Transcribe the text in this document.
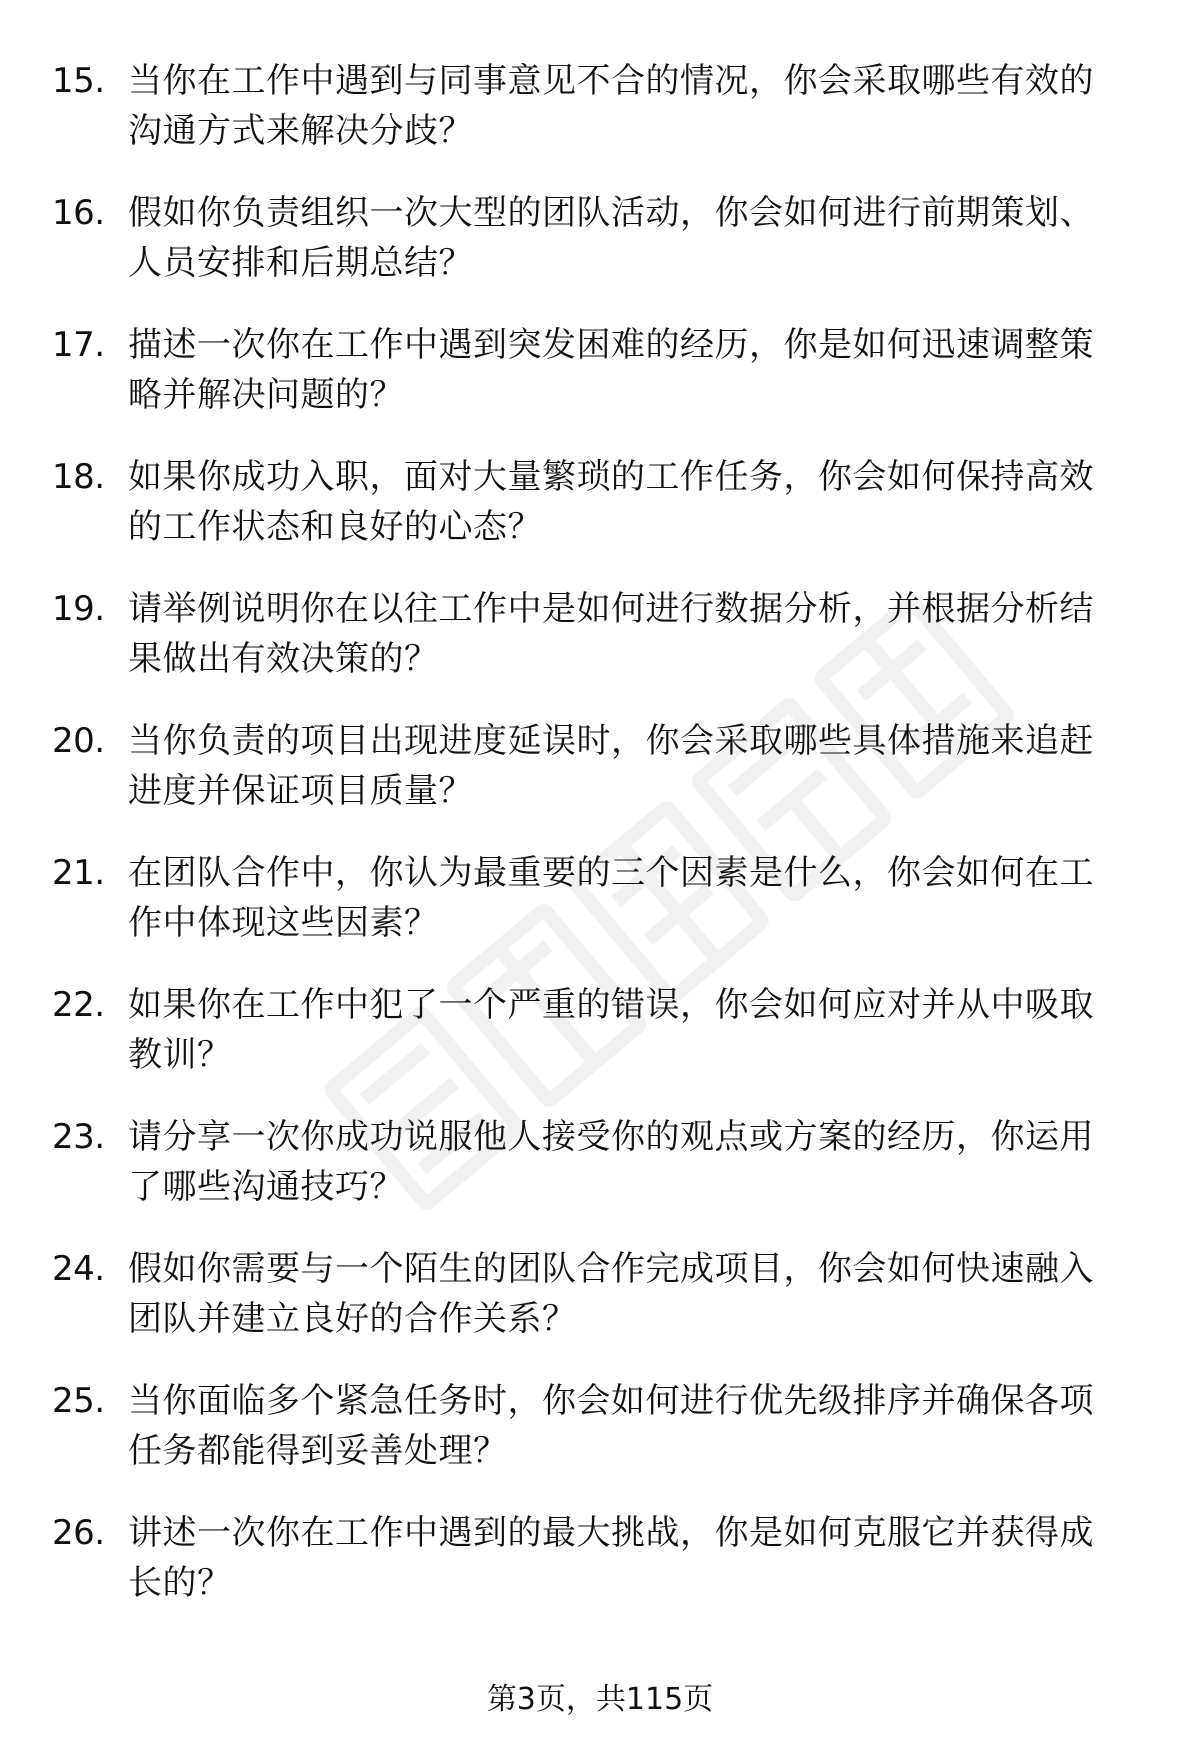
15. 当你在工作中遇到与同事意见不合的情况，你会采取哪些有效的沟通方式来解决分歧？
16. 假如你负责组织一次大型的团队活动，你会如何进行前期策划、人员安排和后期总结？
17. 描述一次你在工作中遇到突发困难的经历，你是如何迅速调整策略并解决问题的？
18. 如果你成功入职，面对大量繁琐的工作任务，你会如何保持高效的工作状态和良好的心态？
19. 请举例说明你在以往工作中是如何进行数据分析，并根据分析结果做出有效决策的？
20. 当你负责的项目出现进度延误时，你会采取哪些具体措施来追赶进度并保证项目质量？
21. 在团队合作中，你认为最重要的三个因素是什么，你会如何在工作中体现这些因素？
22. 如果你在工作中犯了一个严重的错误，你会如何应对并从中吸取教训？
23. 请分享一次你成功说服他人接受你的观点或方案的经历，你运用了哪些沟通技巧？
24. 假如你需要与一个陌生的团队合作完成项目，你会如何快速融入团队并建立良好的合作关系？
25. 当你面临多个紧急任务时，你会如何进行优先级排序并确保各项任务都能得到妥善处理？
26. 讲述一次你在工作中遇到的最大挑战，你是如何克服它并获得成长的？
第3页，共115页
